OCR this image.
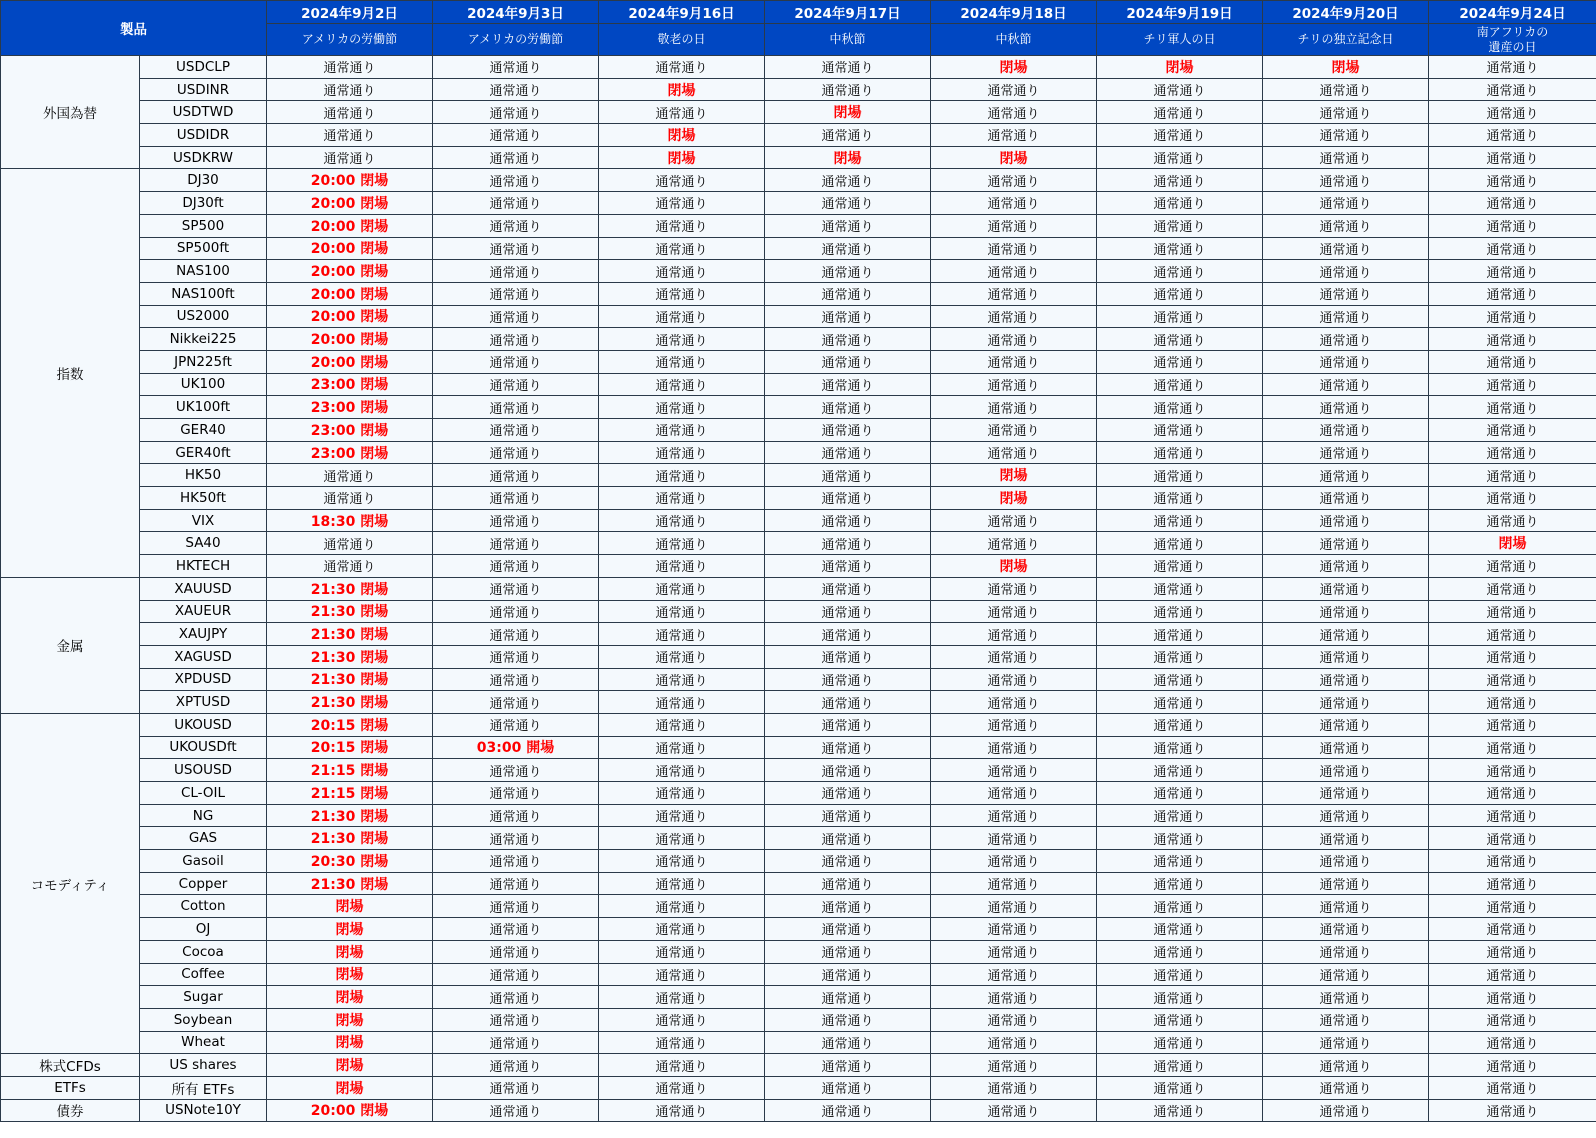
製品		2024年9月2日	2024年9月3日	2024年9月16日	2024年9月17日	2024年9月18日	2024年9月19日	2024年9月20日	2024年9月24日
		アメリカの労働節	アメリカの労働節	敬老の日	中秋節	中秋節	チリ軍人の日	チリの独立記念日	南アフリカの
遺産の日
外国為替	USDCLP	通常通り	通常通り	通常通り	通常通り	閉場	閉場	閉場	通常通り
	USDINR	通常通り	通常通り	閉場	通常通り	通常通り	通常通り	通常通り	通常通り
	USDTWD	通常通り	通常通り	通常通り	閉場	通常通り	通常通り	通常通り	通常通り
	USDIDR	通常通り	通常通り	閉場	通常通り	通常通り	通常通り	通常通り	通常通り
	USDKRW	通常通り	通常通り	閉場	閉場	閉場	通常通り	通常通り	通常通り
指数	DJ30	20:00 閉場	通常通り	通常通り	通常通り	通常通り	通常通り	通常通り	通常通り
	DJ30ft	20:00 閉場	通常通り	通常通り	通常通り	通常通り	通常通り	通常通り	通常通り
	SP500	20:00 閉場	通常通り	通常通り	通常通り	通常通り	通常通り	通常通り	通常通り
	SP500ft	20:00 閉場	通常通り	通常通り	通常通り	通常通り	通常通り	通常通り	通常通り
	NAS100	20:00 閉場	通常通り	通常通り	通常通り	通常通り	通常通り	通常通り	通常通り
	NAS100ft	20:00 閉場	通常通り	通常通り	通常通り	通常通り	通常通り	通常通り	通常通り
	US2000	20:00 閉場	通常通り	通常通り	通常通り	通常通り	通常通り	通常通り	通常通り
	Nikkei225	20:00 閉場	通常通り	通常通り	通常通り	通常通り	通常通り	通常通り	通常通り
	JPN225ft	20:00 閉場	通常通り	通常通り	通常通り	通常通り	通常通り	通常通り	通常通り
	UK100	23:00 閉場	通常通り	通常通り	通常通り	通常通り	通常通り	通常通り	通常通り
	UK100ft	23:00 閉場	通常通り	通常通り	通常通り	通常通り	通常通り	通常通り	通常通り
	GER40	23:00 閉場	通常通り	通常通り	通常通り	通常通り	通常通り	通常通り	通常通り
	GER40ft	23:00 閉場	通常通り	通常通り	通常通り	通常通り	通常通り	通常通り	通常通り
	HK50	通常通り	通常通り	通常通り	通常通り	閉場	通常通り	通常通り	通常通り
	HK50ft	通常通り	通常通り	通常通り	通常通り	閉場	通常通り	通常通り	通常通り
	VIX	18:30 閉場	通常通り	通常通り	通常通り	通常通り	通常通り	通常通り	通常通り
	SA40	通常通り	通常通り	通常通り	通常通り	通常通り	通常通り	通常通り	閉場
	HKTECH	通常通り	通常通り	通常通り	通常通り	閉場	通常通り	通常通り	通常通り
金属	XAUUSD	21:30 閉場	通常通り	通常通り	通常通り	通常通り	通常通り	通常通り	通常通り
	XAUEUR	21:30 閉場	通常通り	通常通り	通常通り	通常通り	通常通り	通常通り	通常通り
	XAUJPY	21:30 閉場	通常通り	通常通り	通常通り	通常通り	通常通り	通常通り	通常通り
	XAGUSD	21:30 閉場	通常通り	通常通り	通常通り	通常通り	通常通り	通常通り	通常通り
	XPDUSD	21:30 閉場	通常通り	通常通り	通常通り	通常通り	通常通り	通常通り	通常通り
	XPTUSD	21:30 閉場	通常通り	通常通り	通常通り	通常通り	通常通り	通常通り	通常通り
コモディティ	UKOUSD	20:15 閉場	通常通り	通常通り	通常通り	通常通り	通常通り	通常通り	通常通り
	UKOUSDft	20:15 閉場	03:00 開場	通常通り	通常通り	通常通り	通常通り	通常通り	通常通り
	USOUSD	21:15 閉場	通常通り	通常通り	通常通り	通常通り	通常通り	通常通り	通常通り
	CL-OIL	21:15 閉場	通常通り	通常通り	通常通り	通常通り	通常通り	通常通り	通常通り
	NG	21:30 閉場	通常通り	通常通り	通常通り	通常通り	通常通り	通常通り	通常通り
	GAS	21:30 閉場	通常通り	通常通り	通常通り	通常通り	通常通り	通常通り	通常通り
	Gasoil	20:30 閉場	通常通り	通常通り	通常通り	通常通り	通常通り	通常通り	通常通り
	Copper	21:30 閉場	通常通り	通常通り	通常通り	通常通り	通常通り	通常通り	通常通り
	Cotton	閉場	通常通り	通常通り	通常通り	通常通り	通常通り	通常通り	通常通り
	OJ	閉場	通常通り	通常通り	通常通り	通常通り	通常通り	通常通り	通常通り
	Cocoa	閉場	通常通り	通常通り	通常通り	通常通り	通常通り	通常通り	通常通り
	Coffee	閉場	通常通り	通常通り	通常通り	通常通り	通常通り	通常通り	通常通り
	Sugar	閉場	通常通り	通常通り	通常通り	通常通り	通常通り	通常通り	通常通り
	Soybean	閉場	通常通り	通常通り	通常通り	通常通り	通常通り	通常通り	通常通り
	Wheat	閉場	通常通り	通常通り	通常通り	通常通り	通常通り	通常通り	通常通り
株式CFDs	US shares	閉場	通常通り	通常通り	通常通り	通常通り	通常通り	通常通り	通常通り
ETFs	所有 ETFs	閉場	通常通り	通常通り	通常通り	通常通り	通常通り	通常通り	通常通り
債券	USNote10Y	20:00 閉場	通常通り	通常通り	通常通り	通常通り	通常通り	通常通り	通常通り
